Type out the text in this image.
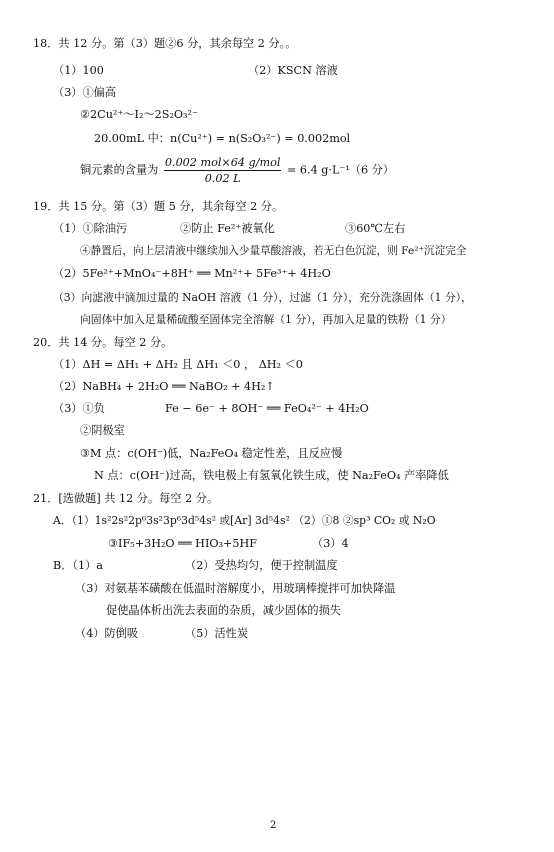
18．共 12 分。第（3）题②6 分，其余每空 2 分。。
（1）100	（2）KSCN 溶液
（3）①偏高
②2Cu²⁺～I₂～2S₂O₃²⁻
20.00mL 中：n(Cu²⁺) = n(S₂O₃²⁻) = 0.002mol
铜元素的含量为 $\frac{\text{0.002 mol×64 g/mol}}{0.02 L} = 6.4$ g·L⁻¹（6 分）
19．共 15 分。第（3）题 5 分，其余每空 2 分。
（1）①除油污	②防止 Fe²⁺被氧化	③60℃左右
④静置后，向上层清液中继续加入少量草酸溶液，若无白色沉淀，则 Fe²⁺沉淀完全
（2）5Fe²⁺+MnO₄⁻+8H⁺ ══ Mn²⁺+ 5Fe³⁺+ 4H₂O
（3）向滤液中滴加过量的 NaOH 溶液（1 分），过滤（1 分），充分洗涤固体（1 分），
向固体中加入足量稀硫酸至固体完全溶解（1 分），再加入足量的铁粉（1 分）
20．共 14 分。每空 2 分。
（1）ΔH = ΔH₁ + ΔH₂ 且 ΔH₁ ＜0 ， ΔH₂ ＜0
（2）NaBH₄ + 2H₂O ══ NaBO₂ + 4H₂↑
（3）①负	Fe − 6e⁻ + 8OH⁻ ══ FeO₄²⁻ + 4H₂O
②阴极室
③M 点：c(OH⁻)低，Na₂FeO₄ 稳定性差，且反应慢
N 点：c(OH⁻)过高，铁电极上有氢氧化铁生成，使 Na₂FeO₄ 产率降低
21．[选做题] 共 12 分。每空 2 分。
A．（1）1s²2s²2p⁶3s²3p⁶3d⁵4s² 或[Ar] 3d⁵4s² （2）①8 ②sp³ CO₂ 或 N₂O
③IF₅+3H₂O ══ HIO₃+5HF	（3）4
B．（1）a	（2）受热均匀，便于控制温度
（3）对氨基苯磺酸在低温时溶解度小，用玻璃棒搅拌可加快降温
促使晶体析出洗去表面的杂质，减少固体的损失
（4）防倒吸	（5）活性炭
2
